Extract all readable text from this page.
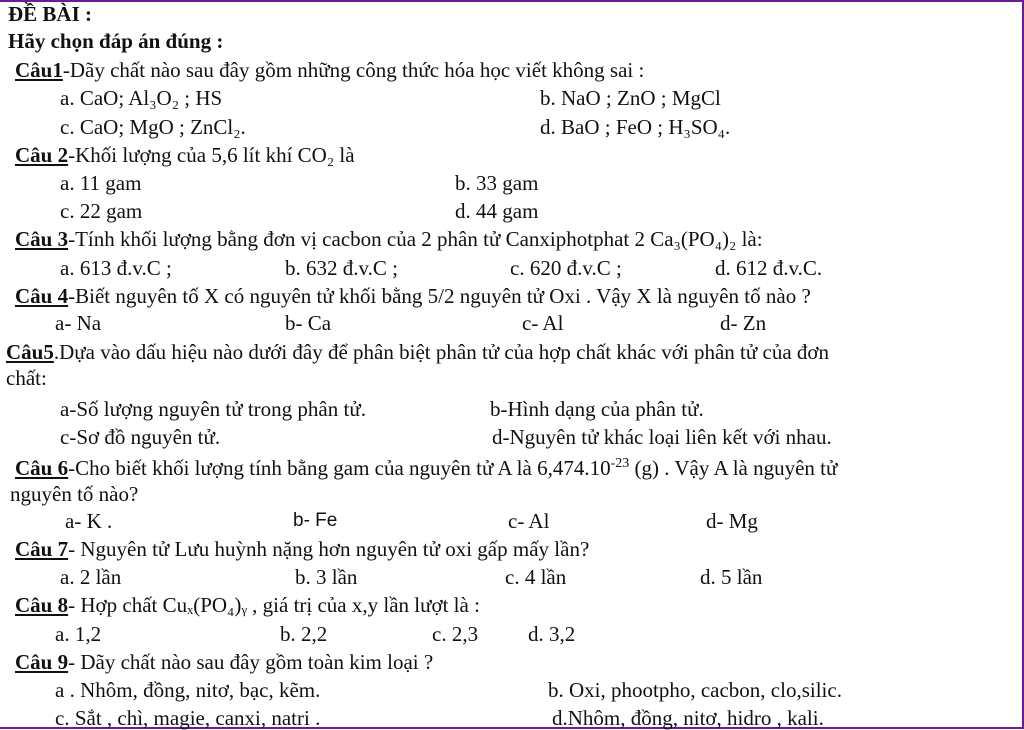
ĐỀ BÀI :
Hãy chọn đáp án đúng :
Câu1-Dãy chất nào sau đây gồm những công thức hóa học viết không sai :
a. CaO; Al₃O₂ ; HS	b. NaO ; ZnO ; MgCl
c. CaO; MgO ; ZnCl₂.	d. BaO ; FeO ; H₃SO₄.
Câu 2-Khối lượng của 5,6 lít khí CO₂ là
a. 11 gam	b. 33 gam
c. 22 gam	d. 44 gam
Câu 3-Tính khối lượng bằng đơn vị cacbon của 2 phân tử Canxiphotphat 2 Ca₃(PO₄)₂ là:
a. 613 đ.v.C ;	b. 632 đ.v.C ;	c. 620 đ.v.C ;	d. 612 đ.v.C.
Câu 4-Biết nguyên tố X có nguyên tử khối bằng 5/2 nguyên tử Oxi . Vậy X là nguyên tố nào ?
a- Na	b- Ca	c- Al	d- Zn
Câu5.Dựa vào dấu hiệu nào dưới đây để phân biệt phân tử của hợp chất khác với phân tử của đơn
chất:
a-Số lượng nguyên tử trong phân tử.	b-Hình dạng của phân tử.
c-Sơ đồ nguyên tử.	d-Nguyên tử khác loại liên kết với nhau.
Câu 6-Cho biết khối lượng tính bằng gam của nguyên tử A là $6,474.10^{-23}$ (g) . Vậy A là nguyên tử
nguyên tố nào?
a- K .	b- Fe	c- Al	d- Mg
Câu 7- Nguyên tử Lưu huỳnh nặng hơn nguyên tử oxi gấp mấy lần?
a. 2 lần	b. 3 lần	c. 4 lần	d. 5 lần
Câu 8- Hợp chất Cuₓ(PO₄)ᵧ , giá trị của x,y lần lượt là :
a. 1,2	b. 2,2	c. 2,3 d. 3,2
Câu 9- Dãy chất nào sau đây gồm toàn kim loại ?
a . Nhôm, đồng, nitơ, bạc, kẽm.	b. Oxi, phootpho, cacbon, clo,silic.
c. Sắt , chì, magie, canxi, natri .	d.Nhôm, đồng, nitơ, hidro , kali.
